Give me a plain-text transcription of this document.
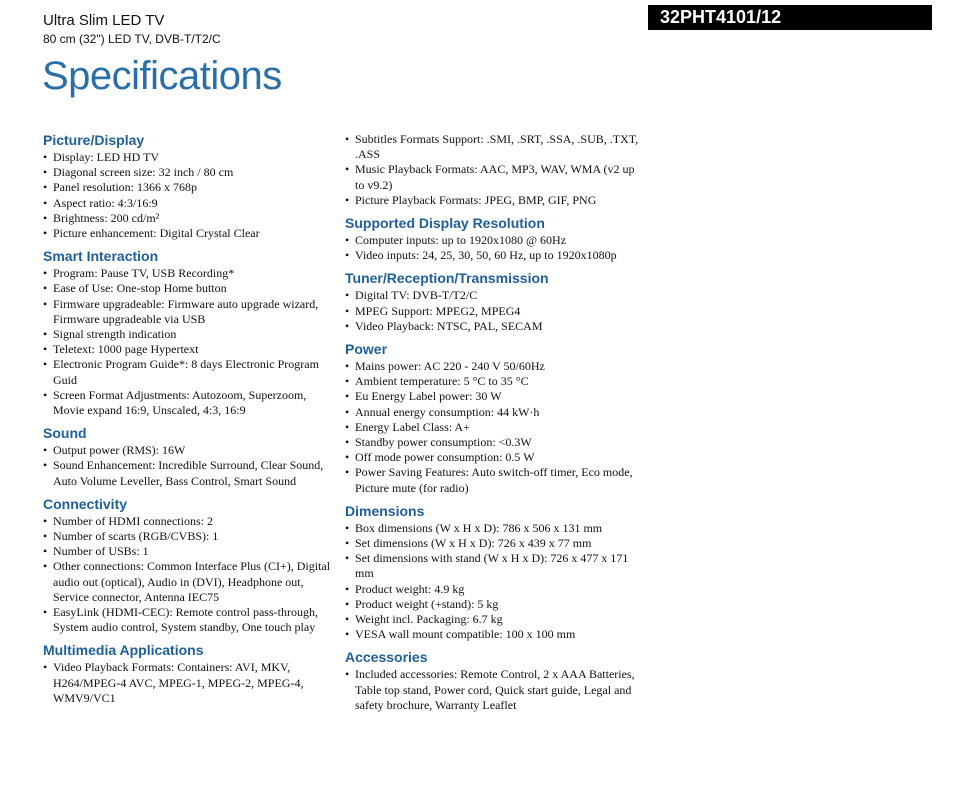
Ultra Slim LED TV
80 cm (32") LED TV, DVB-T/T2/C
32PHT4101/12
Specifications
Picture/Display
• Display: LED HD TV
• Diagonal screen size: 32 inch / 80 cm
• Panel resolution: 1366 x 768p
• Aspect ratio: 4:3/16:9
• Brightness: 200 cd/m²
• Picture enhancement: Digital Crystal Clear
Smart Interaction
• Program: Pause TV, USB Recording*
• Ease of Use: One-stop Home button
• Firmware upgradeable: Firmware auto upgrade wizard, Firmware upgradeable via USB
• Signal strength indication
• Teletext: 1000 page Hypertext
• Electronic Program Guide*: 8 days Electronic Program Guid
• Screen Format Adjustments: Autozoom, Superzoom, Movie expand 16:9, Unscaled, 4:3, 16:9
Sound
• Output power (RMS): 16W
• Sound Enhancement: Incredible Surround, Clear Sound, Auto Volume Leveller, Bass Control, Smart Sound
Connectivity
• Number of HDMI connections: 2
• Number of scarts (RGB/CVBS): 1
• Number of USBs: 1
• Other connections: Common Interface Plus (CI+), Digital audio out (optical), Audio in (DVI), Headphone out, Service connector, Antenna IEC75
• EasyLink (HDMI-CEC): Remote control pass-through, System audio control, System standby, One touch play
Multimedia Applications
• Video Playback Formats: Containers: AVI, MKV, H264/MPEG-4 AVC, MPEG-1, MPEG-2, MPEG-4, WMV9/VC1
• Subtitles Formats Support: .SMI, .SRT, .SSA, .SUB, .TXT, .ASS
• Music Playback Formats: AAC, MP3, WAV, WMA (v2 up to v9.2)
• Picture Playback Formats: JPEG, BMP, GIF, PNG
Supported Display Resolution
• Computer inputs: up to 1920x1080 @ 60Hz
• Video inputs: 24, 25, 30, 50, 60 Hz, up to 1920x1080p
Tuner/Reception/Transmission
• Digital TV: DVB-T/T2/C
• MPEG Support: MPEG2, MPEG4
• Video Playback: NTSC, PAL, SECAM
Power
• Mains power: AC 220 - 240 V 50/60Hz
• Ambient temperature: 5 °C to 35 °C
• Eu Energy Label power: 30 W
• Annual energy consumption: 44 kW·h
• Energy Label Class: A+
• Standby power consumption: <0.3W
• Off mode power consumption: 0.5 W
• Power Saving Features: Auto switch-off timer, Eco mode, Picture mute (for radio)
Dimensions
• Box dimensions (W x H x D): 786 x 506 x 131 mm
• Set dimensions (W x H x D): 726 x 439 x 77 mm
• Set dimensions with stand (W x H x D): 726 x 477 x 171 mm
• Product weight: 4.9 kg
• Product weight (+stand): 5 kg
• Weight incl. Packaging: 6.7 kg
• VESA wall mount compatible: 100 x 100 mm
Accessories
• Included accessories: Remote Control, 2 x AAA Batteries, Table top stand, Power cord, Quick start guide, Legal and safety brochure, Warranty Leaflet
